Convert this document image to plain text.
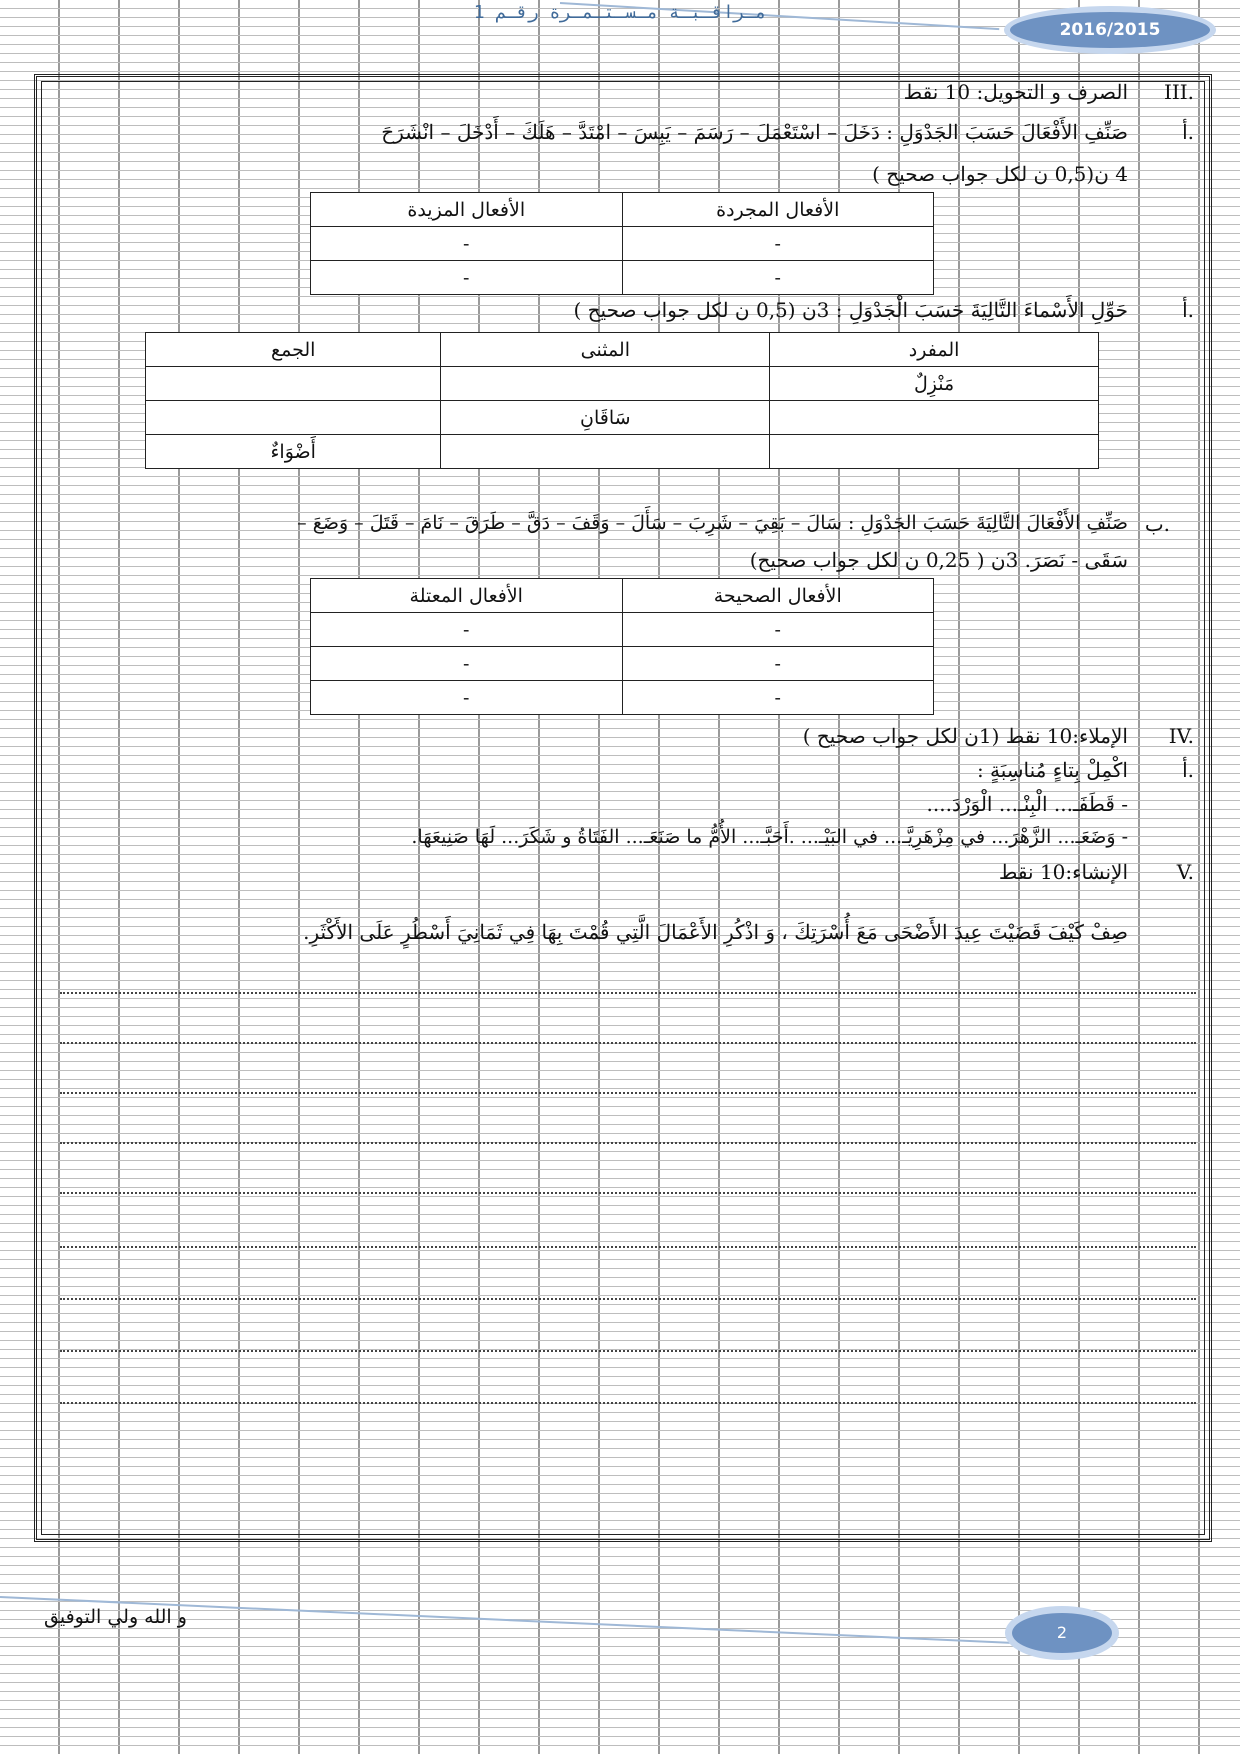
مـراقـبـة مـسـتـمـرة رقـم 1
2016/2015
III.
الصرف و التحويل: 10 نقط
أ.
صَنِّفِ الأَفْعَالَ حَسَبَ الجَدْوَلِ : دَخَلَ – اسْتَعْمَلَ – رَسَمَ – يَبِسَ – امْتَدَّ – هَلَكَ – أَدْخَلَ – انْشَرَحَ
4 ن(0,5 ن لكل جواب صحيح )
الأفعال المجردة	الأفعال المزيدة
-	-
-	-
أ.
حَوِّلِ الأَسْماءَ التَّالِيَةَ حَسَبَ الْجَدْوَلِ : 3ن (0,5 ن لكل جواب صحيح )
المفرد	المثنى	الجمع
مَنْزِلٌ		
	سَاقَانِ	
		أَضْوَاءٌ
ب.
صَنِّفِ الأَفْعَالَ التَّالِيَةَ حَسَبَ الجَدْوَلِ : سَالَ – بَقِيَ – شَرِبَ – سَأَلَ – وَقَفَ – دَقَّ – طَرَقَ – نَامَ – قَتَلَ – وَضَعَ –
سَقَى - نَصَرَ. 3ن ( 0,25 ن لكل جواب صحيح)
الأفعال الصحيحة	الأفعال المعتلة
-	-
-	-
-	-
IV.
الإملاء:10 نقط (1ن لكل جواب صحيح )
أ.
اكْمِلْ بِتاءٍ مُناسِبَةٍ :
- قَطَفَـ... الْبِنْـ... الْوَرْدَ....
- وَضَعَـ... الزَّهْرَ... في مِزْهَرِيَّـ... في البَيْـ... .أَحَبَّـ... الأُمُّ ما صَنَعَـ... الفَتَاةُ و شَكَرَ... لَهَا صَنِيعَهَا.
V.
الإنشاء:10 نقط
صِفْ كَيْفَ قَضَيْتَ عِيدَ الأَضْحَى مَعَ أُسْرَتِكَ ، وَ اذْكُرِ الأَعْمَالَ الَّتِي قُمْتَ بِهَا فِي ثَمَانِيَ أَسْطُرٍ عَلَى الأَكْثَرِ.
و الله ولي التوفيق
2
